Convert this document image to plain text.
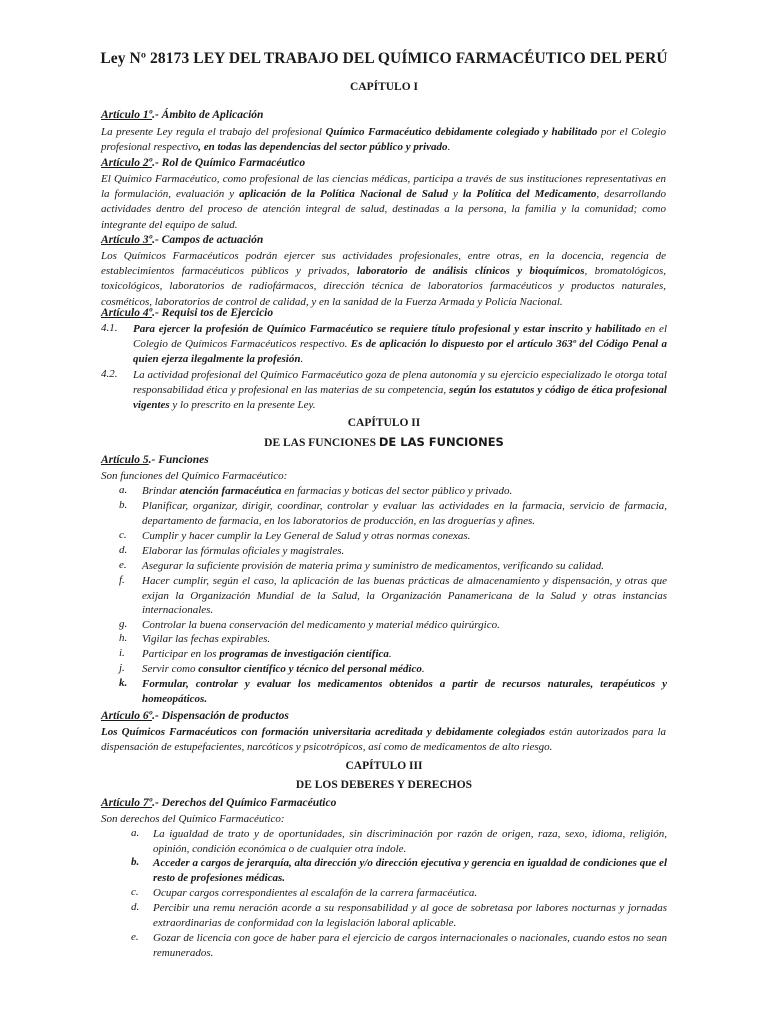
Ley Nº 28173 LEY DEL TRABAJO DEL QUÍMICO FARMACÉUTICO DEL PERÚ
CAPÍTULO I
Artículo 1º.- Ámbito de Aplicación
La presente Ley regula el trabajo del profesional Químico Farmacéutico debidamente colegiado y habilitado por el Colegio profesional respectivo, en todas las dependencias del sector público y privado.
Artículo 2º.- Rol de Químico Farmacéutico
El Químico Farmacéutico, como profesional de las ciencias médicas, participa a través de sus instituciones representativas en la formulación, evaluación y aplicación de la Política Nacional de Salud y la Política del Medicamento, desarrollando actividades dentro del proceso de atención integral de salud, destinadas a la persona, la familia y la comunidad; como integrante del equipo de salud.
Artículo 3º.- Campos de actuación
Los Químicos Farmacéuticos podrán ejercer sus actividades profesionales, entre otras, en la docencia, regencia de establecimientos farmacéuticos públicos y privados, laboratorio de análisis clínicos y bioquímicos, bromatológicos, toxicológicos, laboratorios de radiofármacos, dirección técnica de laboratorios farmacéuticos y productos naturales, cosméticos, laboratorios de control de calidad, y en la sanidad de la Fuerza Armada y Policía Nacional.
Artículo 4º.- Requisi tos de Ejercicio
4.1. Para ejercer la profesión de Químico Farmacéutico se requiere título profesional y estar inscrito y habilitado en el Colegio de Químicos Farmacéuticos respectivo. Es de aplicación lo dispuesto por el artículo 363º del Código Penal a quien ejerza ilegalmente la profesión.
4.2. La actividad profesional del Químico Farmacéutico goza de plena autonomía y su ejercicio especializado le otorga total responsabilidad ética y profesional en las materias de su competencia, según los estatutos y código de ética profesional vigentes y lo prescrito en la presente Ley.
CAPÍTULO II
DE LAS FUNCIONES DE LAS FUNCIONES
Artículo 5.- Funciones
Son funciones del Químico Farmacéutico:
a. Brindar atención farmacéutica en farmacias y boticas del sector público y privado.
b. Planificar, organizar, dirigir, coordinar, controlar y evaluar las actividades en la farmacia, servicio de farmacia, departamento de farmacia, en los laboratorios de producción, en las droguerías y afines.
c. Cumplir y hacer cumplir la Ley General de Salud y otras normas conexas.
d. Elaborar las fórmulas oficiales y magistrales.
e. Asegurar la suficiente provisión de materia prima y suministro de medicamentos, verificando su calidad.
f. Hacer cumplir, según el caso, la aplicación de las buenas prácticas de almacenamiento y dispensación, y otras que exijan la Organización Mundial de la Salud, la Organización Panamericana de la Salud y otras instancias internacionales.
g. Controlar la buena conservación del medicamento y material médico quirúrgico.
h. Vigilar las fechas expirables.
i. Participar en los programas de investigación científica.
j. Servir como consultor científico y técnico del personal médico.
k. Formular, controlar y evaluar los medicamentos obtenidos a partir de recursos naturales, terapéuticos y homeopáticos.
Artículo 6º.- Dispensación de productos
Los Químicos Farmacéuticos con formación universitaria acreditada y debidamente colegiados están autorizados para la dispensación de estupefacientes, narcóticos y psicotrópicos, así como de medicamentos de alto riesgo.
CAPÍTULO III
DE LOS DEBERES Y DERECHOS
Artículo 7º.- Derechos del Químico Farmacéutico
Son derechos del Químico Farmacéutico:
a. La igualdad de trato y de oportunidades, sin discriminación por razón de origen, raza, sexo, idioma, religión, opinión, condición económica o de cualquier otra índole.
b. Acceder a cargos de jerarquía, alta dirección y/o dirección ejecutiva y gerencia en igualdad de condiciones que el resto de profesiones médicas.
c. Ocupar cargos correspondientes al escalafón de la carrera farmacéutica.
d. Percibir una remu neración acorde a su responsabilidad y al goce de sobretasa por labores nocturnas y jornadas extraordinarias de conformidad con la legislación laboral aplicable.
e. Gozar de licencia con goce de haber para el ejercicio de cargos internacionales o nacionales, cuando estos no sean remunerados.
